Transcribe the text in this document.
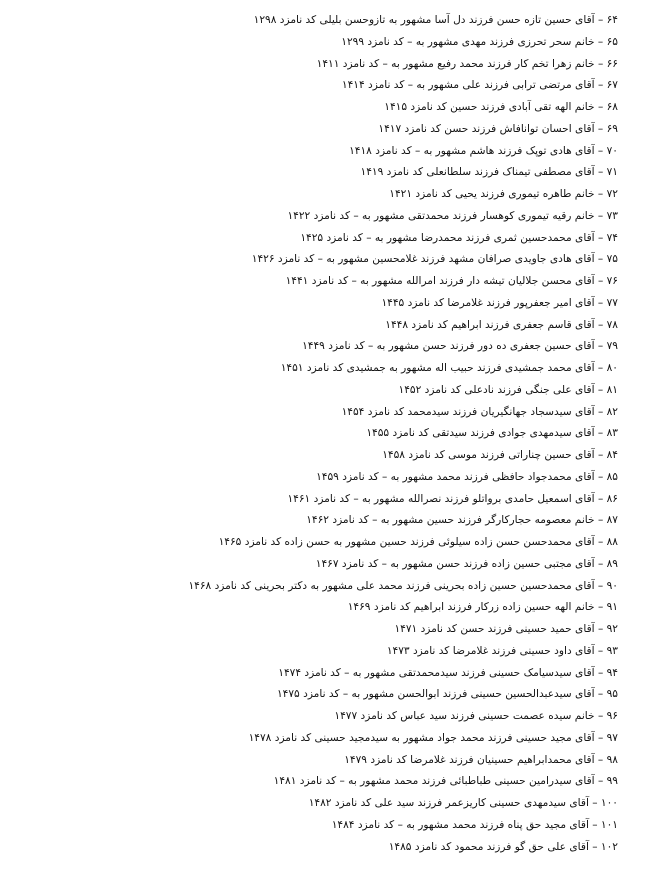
۶۴ – آقای حسین تازه حسن فرزند دل آسا مشهور به تازوحسن بلیلی کد نامزد ۱۲۹۸
۶۵ – خانم سحر تحرزی فرزند مهدی مشهور به – کد نامزد ۱۲۹۹
۶۶ – خانم زهرا تخم کار فرزند محمد رفیع مشهور به – کد نامزد ۱۴۱۱
۶۷ – آقای مرتضی ترابی فرزند علی مشهور به – کد نامزد ۱۴۱۴
۶۸ – خانم الهه تقی آبادی فرزند حسین کد نامزد ۱۴۱۵
۶۹ – آقای احسان توانافاش فرزند حسن کد نامزد ۱۴۱۷
۷۰ – آقای هادی توپک فرزند هاشم مشهور به – کد نامزد ۱۴۱۸
۷۱ – آقای مصطفی تیمناک فرزند سلطانعلی کد نامزد ۱۴۱۹
۷۲ – خانم طاهره تیموری فرزند یحیی کد نامزد ۱۴۲۱
۷۳ – خانم رقیه تیموری کوهسار فرزند محمدتقی مشهور به – کد نامزد ۱۴۲۲
۷۴ – آقای محمدحسین ثمری فرزند محمدرضا مشهور به – کد نامزد ۱۴۲۵
۷۵ – آقای هادی جاویدی صرافان مشهد فرزند غلامحسین مشهور به – کد نامزد ۱۴۲۶
۷۶ – آقای محسن جلالیان تیشه دار فرزند امرالله مشهور به – کد نامزد ۱۴۴۱
۷۷ – آقای امیر جعفرپور فرزند غلامرضا کد نامزد ۱۴۴۵
۷۸ – آقای قاسم جعفری فرزند ابراهیم کد نامزد ۱۴۴۸
۷۹ – آقای حسین جعفری ده دور فرزند حسن مشهور به – کد نامزد ۱۴۴۹
۸۰ – آقای محمد جمشیدی فرزند حبیب اله مشهور به جمشیدی کد نامزد ۱۴۵۱
۸۱ – آقای علی جنگی فرزند نادعلی کد نامزد ۱۴۵۲
۸۲ – آقای سیدسجاد جهانگیریان فرزند سیدمحمد کد نامزد ۱۴۵۴
۸۳ – آقای سیدمهدی جوادی فرزند سیدتقی کد نامزد ۱۴۵۵
۸۴ – آقای حسین چناراتی فرزند موسی کد نامزد ۱۴۵۸
۸۵ – آقای محمدجواد حافظی فرزند محمد مشهور به – کد نامزد ۱۴۵۹
۸۶ – آقای اسمعیل حامدی برواتلو فرزند نصرالله مشهور به – کد نامزد ۱۴۶۱
۸۷ – خانم معصومه حجارکارگر فرزند حسین مشهور به – کد نامزد ۱۴۶۲
۸۸ – آقای محمدحسن حسن زاده سیلوئی فرزند حسین مشهور به حسن زاده کد نامزد ۱۴۶۵
۸۹ – آقای مجتبی حسین زاده فرزند حسن مشهور به – کد نامزد ۱۴۶۷
۹۰ – آقای محمدحسین حسین زاده بحرینی فرزند محمد علی مشهور به دکتر بحرینی کد نامزد ۱۴۶۸
۹۱ – خانم الهه حسین زاده زرکار فرزند ابراهیم کد نامزد ۱۴۶۹
۹۲ – آقای حمید حسینی فرزند حسن کد نامزد ۱۴۷۱
۹۳ – آقای داود حسینی فرزند غلامرضا کد نامزد ۱۴۷۳
۹۴ – آقای سیدسیامک حسینی فرزند سیدمحمدتقی مشهور به – کد نامزد ۱۴۷۴
۹۵ – آقای سیدعبدالحسین حسینی فرزند ابوالحسن مشهور به – کد نامزد ۱۴۷۵
۹۶ – خانم سیده عصمت حسینی فرزند سید عباس کد نامزد ۱۴۷۷
۹۷ – آقای مجید حسینی فرزند محمد جواد مشهور به سیدمجید حسینی کد نامزد ۱۴۷۸
۹۸ – آقای محمدابراهیم حسینیان فرزند غلامرضا کد نامزد ۱۴۷۹
۹۹ – آقای سیدرامین حسینی طباطبائی فرزند محمد مشهور به – کد نامزد ۱۴۸۱
۱۰۰ – آقای سیدمهدی حسینی کاریزعمر فرزند سید علی کد نامزد ۱۴۸۲
۱۰۱ – آقای مجید حق پناه فرزند محمد مشهور به – کد نامزد ۱۴۸۴
۱۰۲ – آقای علی حق گو فرزند محمود کد نامزد ۱۴۸۵
